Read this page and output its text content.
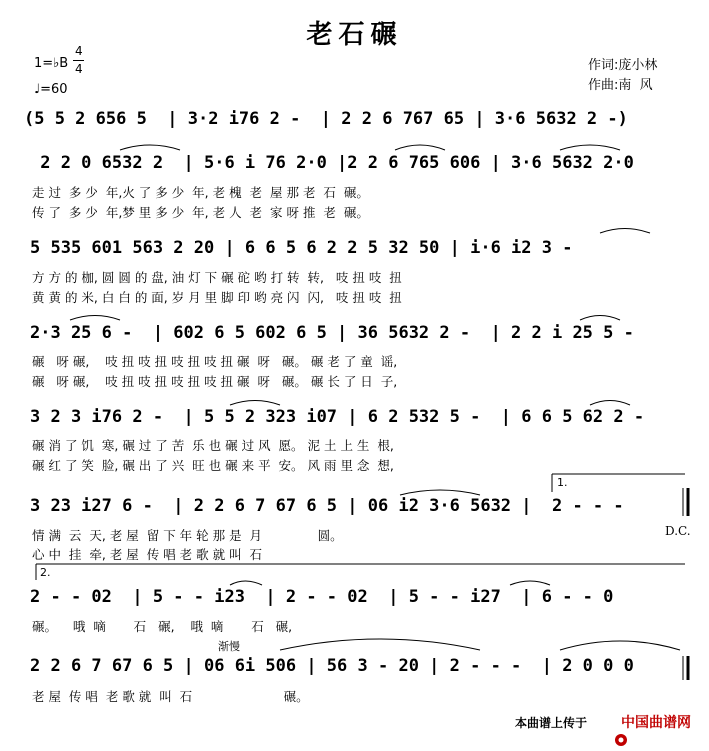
老石碾
1=♭B
4
4
♩=60
作词:庞小林
作曲:南  风
(5 5 2 656 5  | 3·2 i76 2 -  | 2 2 6 767 65 | 3·6 5632 2 -)
2 2 0 6532 2  | 5·6 i 76 2·0 |2 2 6 765 606 | 3·6 5632 2·0
走 过  多 少  年,火 了 多 少  年, 老 槐  老  屋 那 老  石  碾。
传 了  多 少  年,梦 里 多 少  年, 老 人  老  家 呀 推  老  碾。
5 535 601 563 2 20 | 6 6 5 6 2 2 5 32 50 | i·6 i2 3 -
方 方 的 枷, 圆 圆 的 盘, 油 灯 下 碾 砣 哟 打 转  转,   吱 扭 吱  扭
黄 黄 的 米, 白 白 的 面, 岁 月 里 脚 印 哟 亮 闪  闪,   吱 扭 吱  扭
2·3 25 6 -  | 602 6 5 602 6 5 | 36 5632 2 -  | 2 2 i 25 5 -
碾   呀 碾,    吱 扭 吱 扭 吱 扭 吱 扭 碾  呀   碾。 碾 老 了 童  谣,
碾   呀 碾,    吱 扭 吱 扭 吱 扭 吱 扭 碾  呀   碾。 碾 长 了 日  子,
3 2 3 i76 2 -  | 5 5 2 323 i07 | 6 2 532 5 -  | 6 6 5 62 2 -
碾 消 了 饥  寒, 碾 过 了 苦  乐 也 碾 过 风  愿。 泥 土 上 生  根,
碾 红 了 笑  脸, 碾 出 了 兴  旺 也 碾 来 平  安。 风 雨 里 念  想,
3 23 i27 6 -  | 2 2 6 7 67 6 5 | 06 i2 3·6 5632 |  2 - - -
情 满  云  天, 老 屋  留 下 年 轮 那 是  月              圆。
心 中  挂  牵, 老 屋  传 唱 老 歌 就 叫  石
1.
D.C.
2.
2 - - 02  | 5 - - i23  | 2 - - 02  | 5 - - i27  | 6 - - 0
碾。    哦  嘀       石   碾,    哦  嘀       石   碾,
渐慢
2 2 6 7 67 6 5 | 06 6i 506 | 56 3 - 20 | 2 - - -  | 2 0 0 0
老 屋  传 唱  老 歌 就  叫  石                       碾。
本曲谱上传于

中国曲谱网
